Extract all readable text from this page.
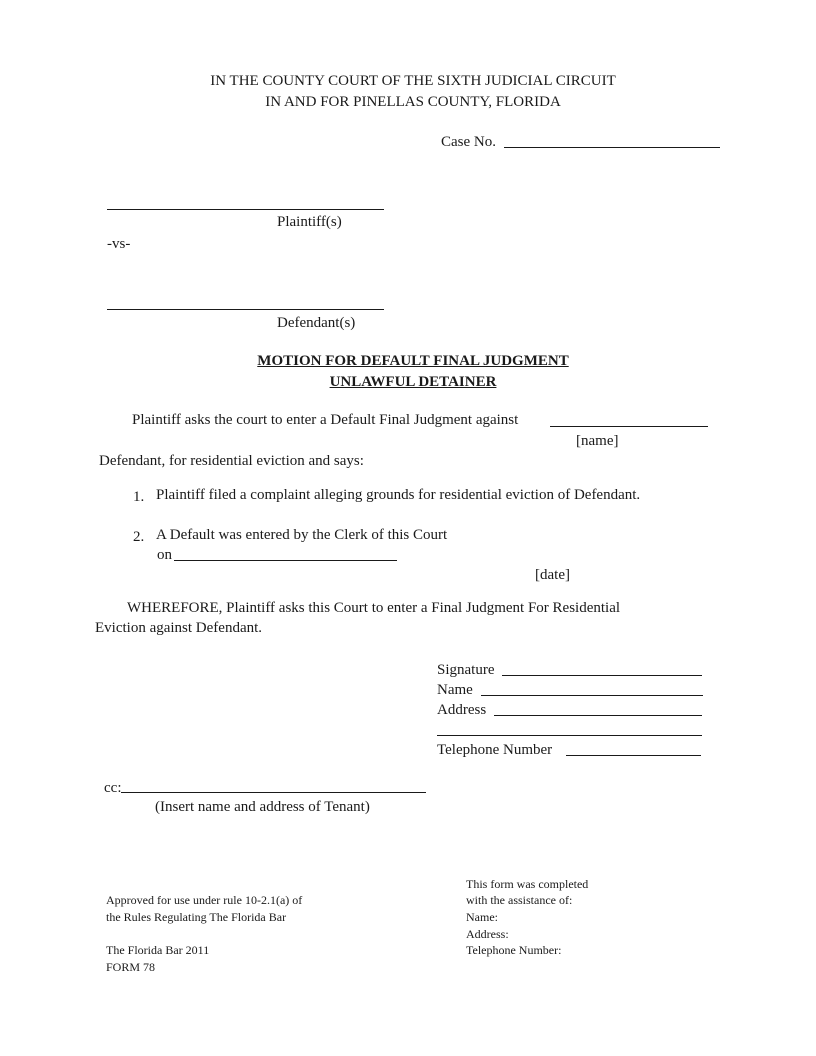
IN THE COUNTY COURT OF THE SIXTH JUDICIAL CIRCUIT
IN AND FOR PINELLAS COUNTY, FLORIDA
Case No.
Plaintiff(s)
-vs-
Defendant(s)
MOTION FOR DEFAULT FINAL JUDGMENT
UNLAWFUL DETAINER
Plaintiff asks the court to enter a Default Final Judgment against
[name]
Defendant, for residential eviction and says:
1. Plaintiff filed a complaint alleging grounds for residential eviction of Defendant.
2. A Default was entered by the Clerk of this Court
on
[date]
WHEREFORE, Plaintiff asks this Court to enter a Final Judgment For Residential
Eviction against Defendant.
Signature
Name
Address
Telephone Number
cc:
(Insert name and address of Tenant)
Approved for use under rule 10-2.1(a) of
the Rules Regulating The Florida Bar
The Florida Bar 2011
FORM 78
This form was completed
with the assistance of:
Name:
Address:
Telephone Number:
